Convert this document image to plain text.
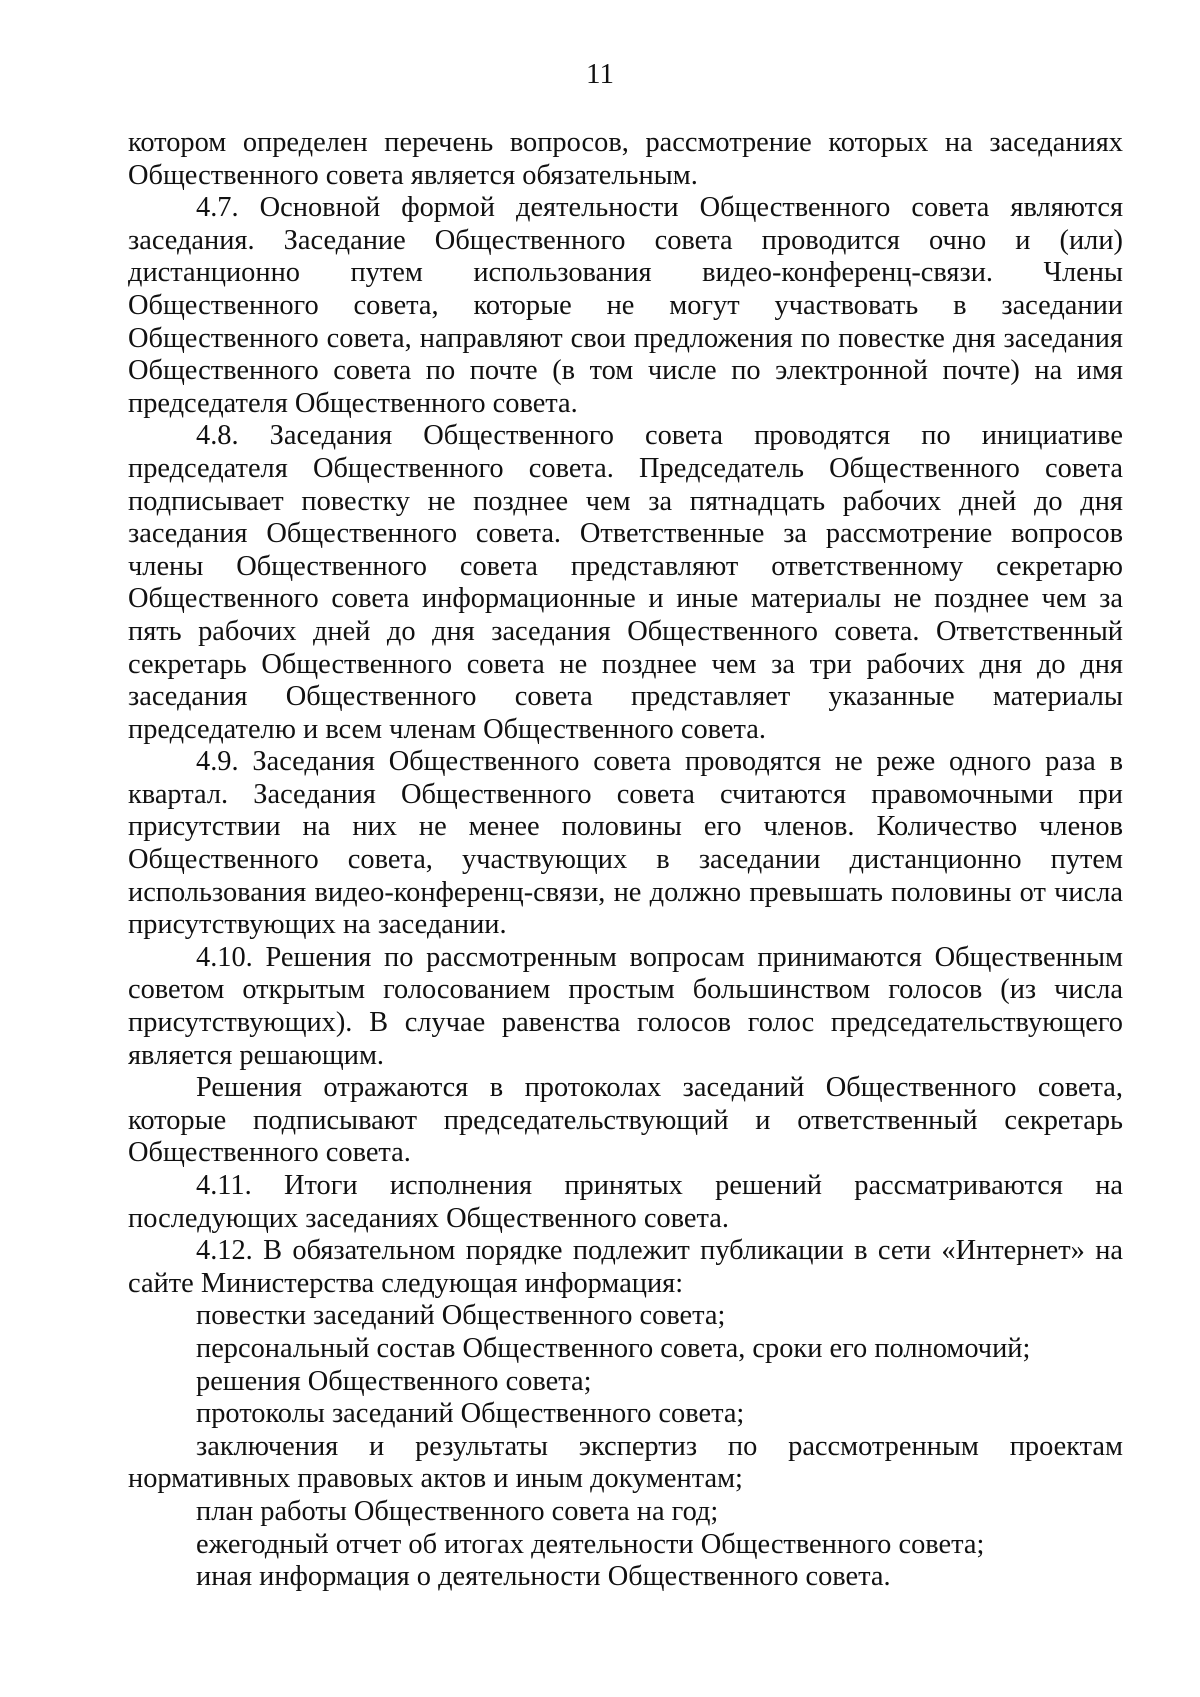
11

котором определен перечень вопросов, рассмотрение которых на заседаниях Общественного совета является обязательным.

4.7. Основной формой деятельности Общественного совета являются заседания. Заседание Общественного совета проводится очно и (или) дистанционно путем использования видео-конференц-связи. Члены Общественного совета, которые не могут участвовать в заседании Общественного совета, направляют свои предложения по повестке дня заседания Общественного совета по почте (в том числе по электронной почте) на имя председателя Общественного совета.

4.8. Заседания Общественного совета проводятся по инициативе председателя Общественного совета. Председатель Общественного совета подписывает повестку не позднее чем за пятнадцать рабочих дней до дня заседания Общественного совета. Ответственные за рассмотрение вопросов члены Общественного совета представляют ответственному секретарю Общественного совета информационные и иные материалы не позднее чем за пять рабочих дней до дня заседания Общественного совета. Ответственный секретарь Общественного совета не позднее чем за три рабочих дня до дня заседания Общественного совета представляет указанные материалы председателю и всем членам Общественного совета.

4.9. Заседания Общественного совета проводятся не реже одного раза в квартал. Заседания Общественного совета считаются правомочными при присутствии на них не менее половины его членов. Количество членов Общественного совета, участвующих в заседании дистанционно путем использования видео-конференц-связи, не должно превышать половины от числа присутствующих на заседании.

4.10. Решения по рассмотренным вопросам принимаются Общественным советом открытым голосованием простым большинством голосов (из числа присутствующих). В случае равенства голосов голос председательствующего является решающим.

Решения отражаются в протоколах заседаний Общественного совета, которые подписывают председательствующий и ответственный секретарь Общественного совета.

4.11. Итоги исполнения принятых решений рассматриваются на последующих заседаниях Общественного совета.

4.12. В обязательном порядке подлежит публикации в сети «Интернет» на сайте Министерства следующая информация:

повестки заседаний Общественного совета;

персональный состав Общественного совета, сроки его полномочий;

решения Общественного совета;

протоколы заседаний Общественного совета;

заключения и результаты экспертиз по рассмотренным проектам нормативных правовых актов и иным документам;

план работы Общественного совета на год;

ежегодный отчет об итогах деятельности Общественного совета;

иная информация о деятельности Общественного совета.
